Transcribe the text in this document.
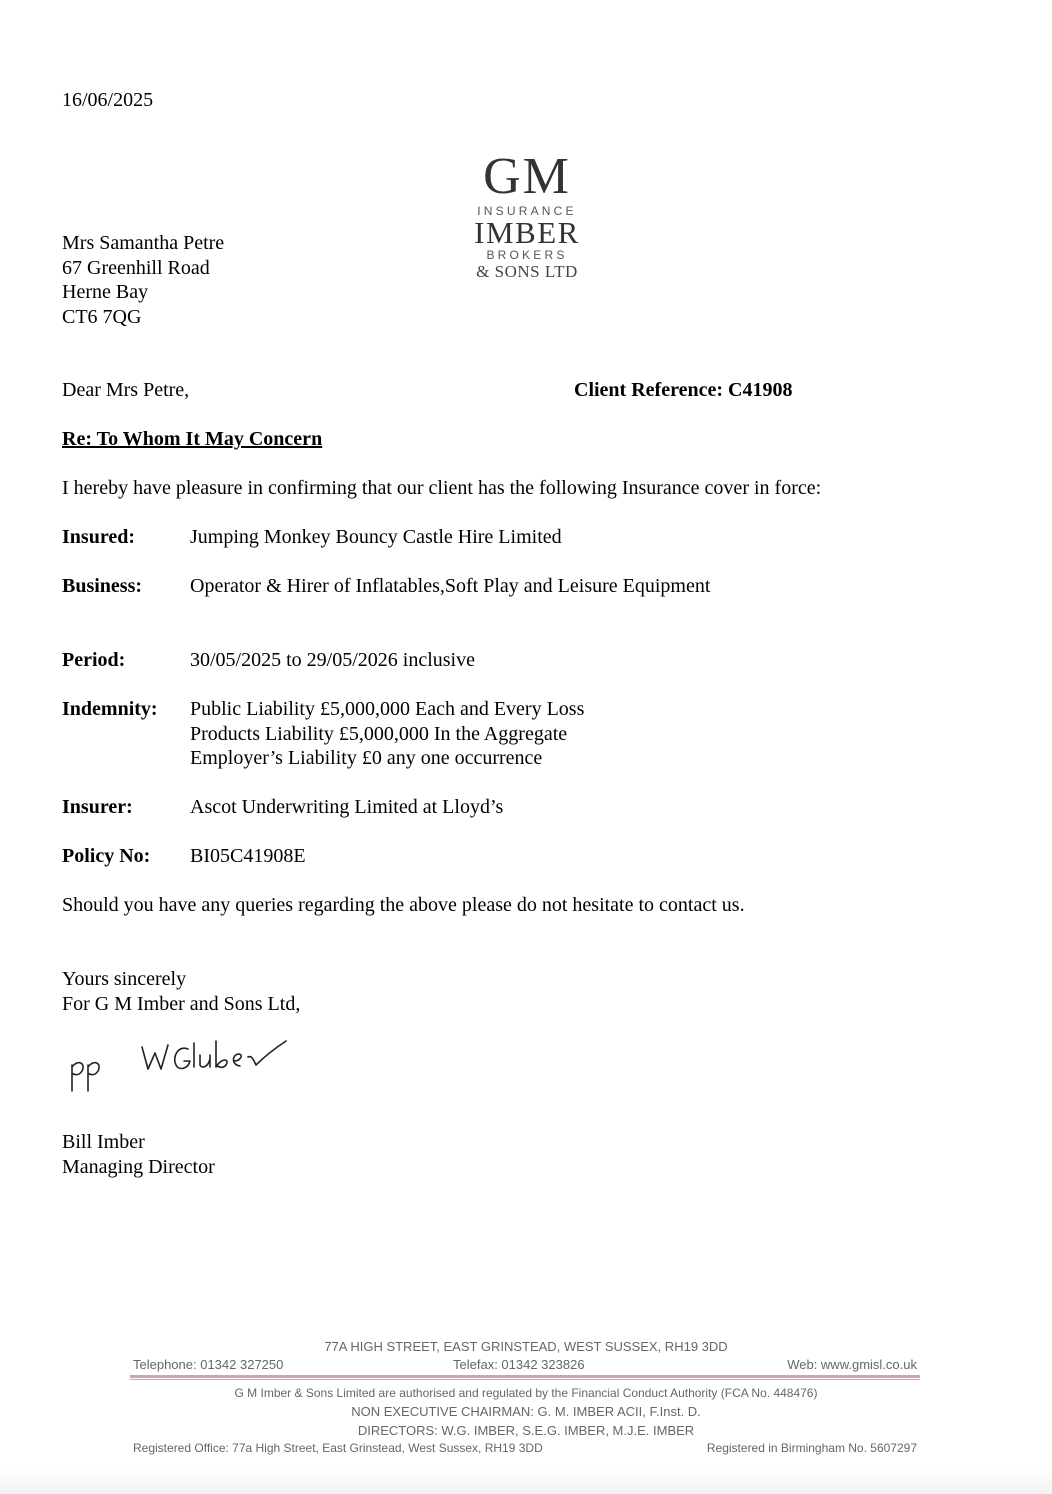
16/06/2025
GM
INSURANCE
IMBER
BROKERS
& SONS LTD
Mrs Samantha Petre
67 Greenhill Road
Herne Bay
CT6 7QG
Dear Mrs Petre,	Client Reference: C41908
Re: To Whom It May Concern
I hereby have pleasure in confirming that our client has the following Insurance cover in force:
Insured:	Jumping Monkey Bouncy Castle Hire Limited
Business: Operator & Hirer of Inflatables,Soft Play and Leisure Equipment
Period:	30/05/2025 to 29/05/2026 inclusive
Indemnity: Public Liability £5,000,000 Each and Every Loss
Products Liability £5,000,000 In the Aggregate
Employer’s Liability £0 any one occurrence
Insurer:	Ascot Underwriting Limited at Lloyd’s
Policy No: BI05C41908E
Should you have any queries regarding the above please do not hesitate to contact us.
Yours sincerely
For G M Imber and Sons Ltd,
Bill Imber
Managing Director
77A HIGH STREET, EAST GRINSTEAD, WEST SUSSEX, RH19 3DD
Telephone: 01342 327250	Telefax: 01342 323826	Web: www.gmisl.co.uk
G M Imber & Sons Limited are authorised and regulated by the Financial Conduct Authority (FCA No. 448476)
NON EXECUTIVE CHAIRMAN: G. M. IMBER ACII, F.Inst. D.
DIRECTORS: W.G. IMBER, S.E.G. IMBER, M.J.E. IMBER
Registered Office: 77a High Street, East Grinstead, West Sussex, RH19 3DD	Registered in Birmingham No. 5607297
